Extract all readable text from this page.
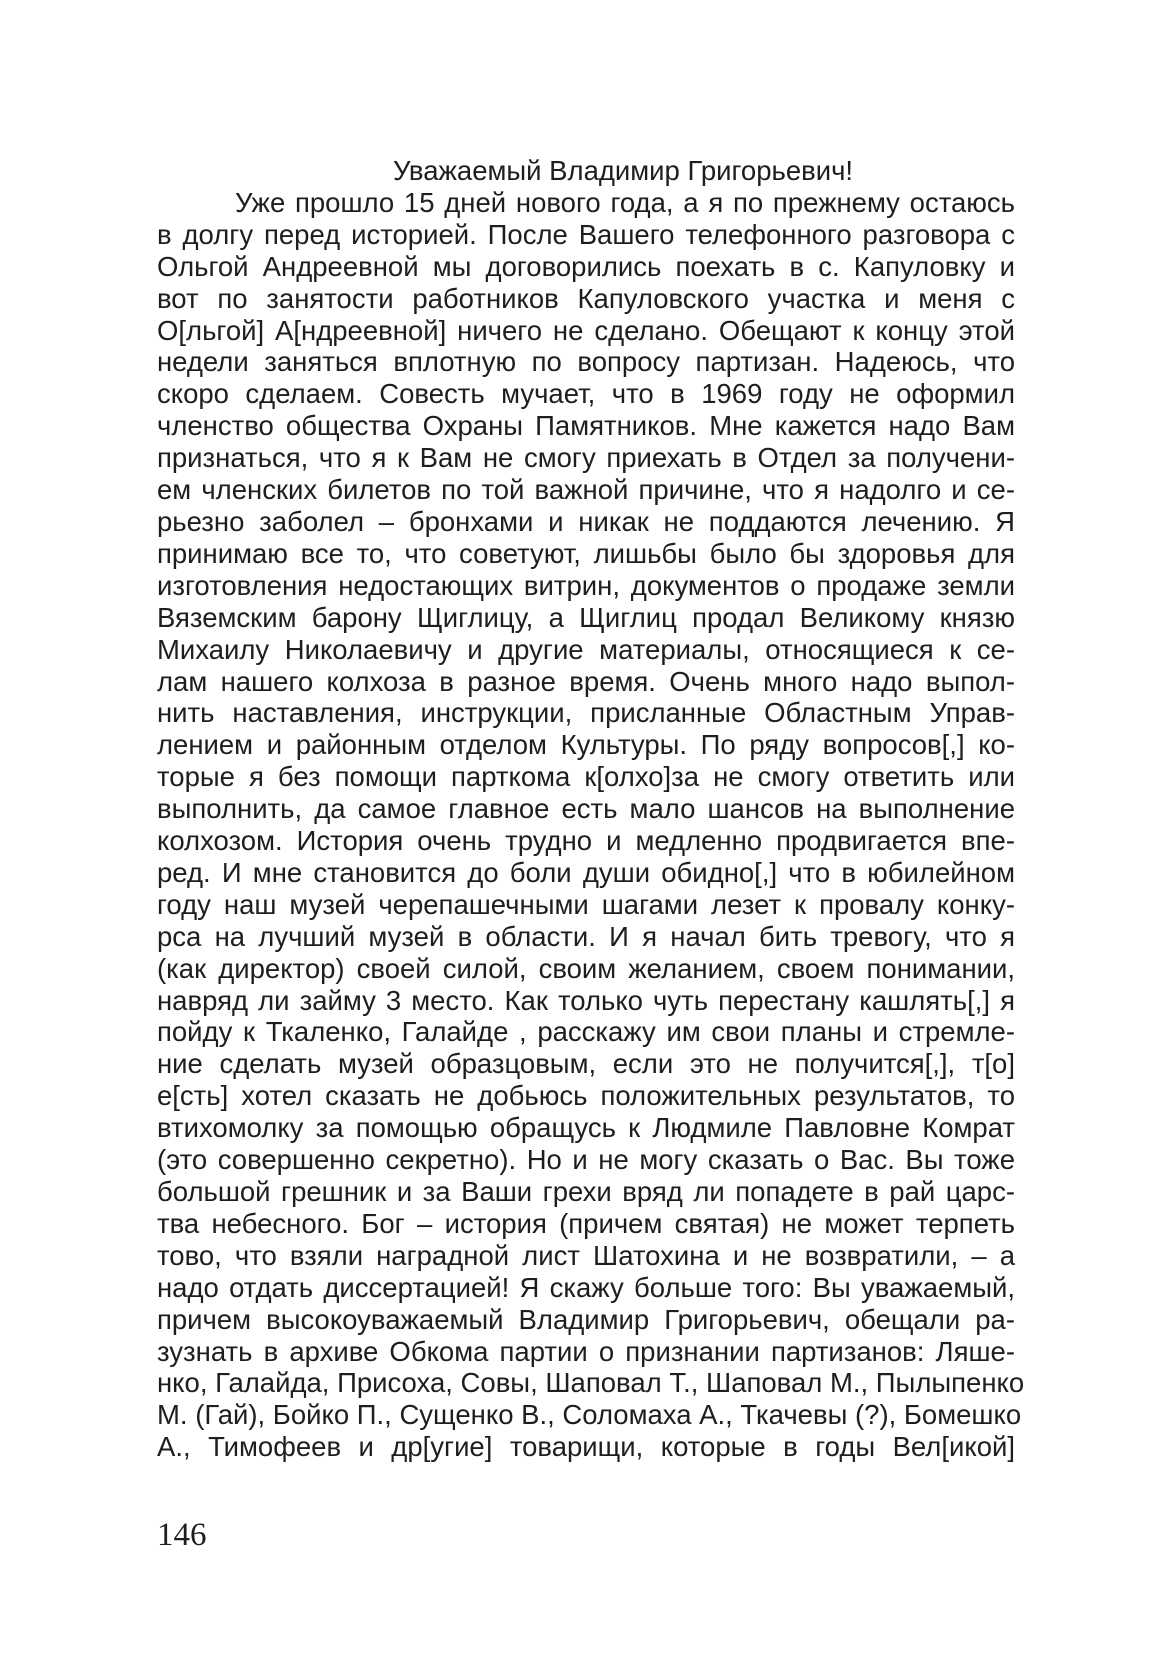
Уважаемый Владимир Григорьевич!
Уже прошло 15 дней нового года, а я по прежнему остаюсь
в долгу перед историей. После Вашего телефонного разговора с
Ольгой Андреевной мы договорились поехать в с. Капуловку и
вот по занятости работников Капуловского участка и меня с
О[льгой] А[ндреевной] ничего не сделано. Обещают к концу этой
недели заняться вплотную по вопросу партизан. Надеюсь, что
скоро сделаем. Совесть мучает, что в 1969 году не оформил
членство общества Охраны Памятников. Мне кажется надо Вам
признаться, что я к Вам не смогу приехать в Отдел за получени-
ем членских билетов по той важной причине, что я надолго и се-
рьезно заболел – бронхами и никак не поддаются лечению. Я
принимаю все то, что советуют, лишьбы было бы здоровья для
изготовления недостающих витрин, документов о продаже земли
Вяземским барону Щиглицу, а Щиглиц продал Великому князю
Михаилу Николаевичу и другие материалы, относящиеся к се-
лам нашего колхоза в разное время. Очень много надо выпол-
нить наставления, инструкции, присланные Областным Управ-
лением и районным отделом Культуры. По ряду вопросов[,] ко-
торые я без помощи парткома к[олхо]за не смогу ответить или
выполнить, да самое главное есть мало шансов на выполнение
колхозом. История очень трудно и медленно продвигается впе-
ред. И мне становится до боли души обидно[,] что в юбилейном
году наш музей черепашечными шагами лезет к провалу конку-
рса на лучший музей в области. И я начал бить тревогу, что я
(как директор) своей силой, своим желанием, своем понимании,
навряд ли займу 3 место. Как только чуть перестану кашлять[,] я
пойду к Ткаленко, Галайде , расскажу им свои планы и стремле-
ние сделать музей образцовым, если это не получится[,], т[о]
е[сть] хотел сказать не добьюсь положительных результатов, то
втихомолку за помощью обращусь к Людмиле Павловне Комрат
(это совершенно секретно). Но и не могу сказать о Вас. Вы тоже
большой грешник и за Ваши грехи вряд ли попадете в рай царс-
тва небесного. Бог – история (причем святая) не может терпеть
тово, что взяли наградной лист Шатохина и не возвратили, – а
надо отдать диссертацией! Я скажу больше того: Вы уважаемый,
причем высокоуважаемый Владимир Григорьевич, обещали ра-
зузнать в архиве Обкома партии о признании партизанов: Ляше-
нко, Галайда, Присоха, Совы, Шаповал Т., Шаповал М., Пылыпенко
М. (Гай), Бойко П., Сущенко В., Соломаха А., Ткачевы (?), Бомешко
А., Тимофеев и др[угие] товарищи, которые в годы Вел[икой]
146
